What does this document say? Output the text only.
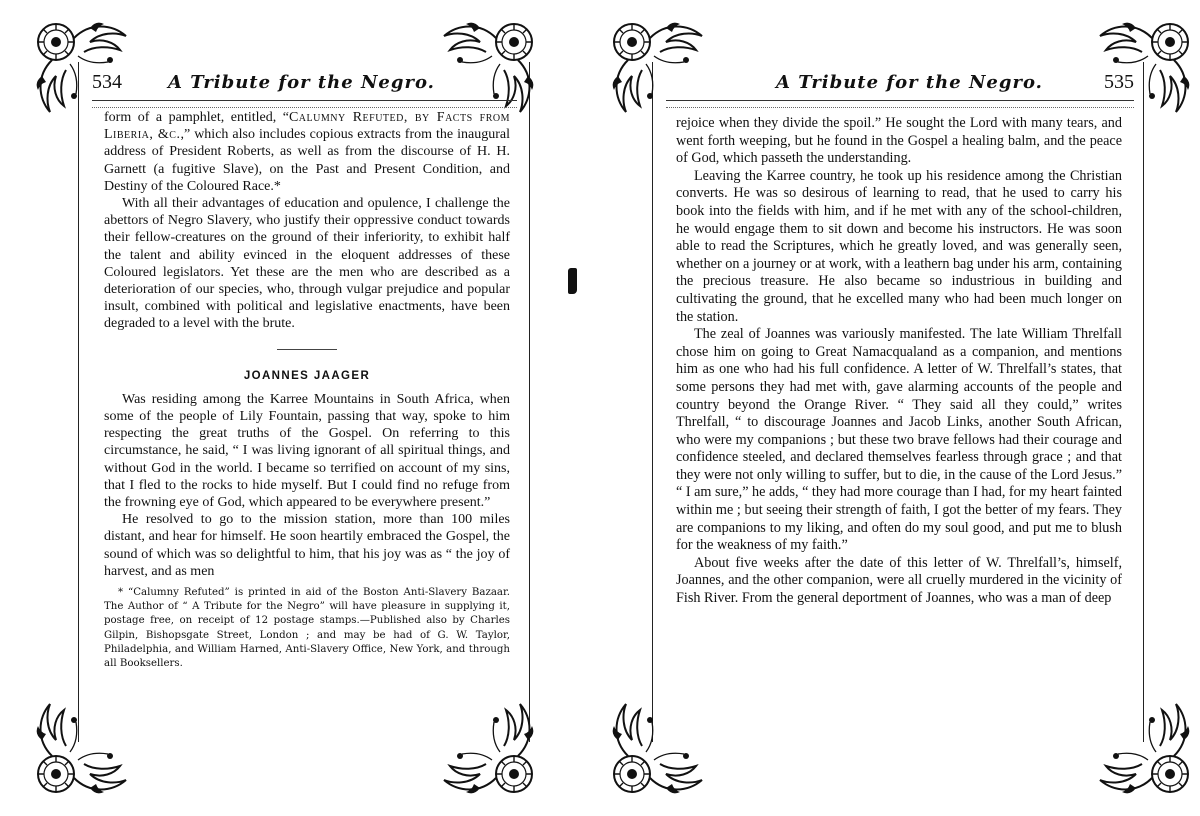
534	A Tribute for the Negro.

form of a pamphlet, entitled, “Calumny Refuted, by Facts from Liberia, &c.,” which also includes copious extracts from the inaugural address of President Roberts, as well as from the discourse of H. H. Garnett (a fugitive Slave), on the Past and Present Condition, and Destiny of the Coloured Race.*

With all their advantages of education and opulence, I challenge the abettors of Negro Slavery, who justify their oppressive conduct towards their fellow-creatures on the ground of their inferiority, to exhibit half the talent and ability evinced in the eloquent addresses of these Coloured legislators. Yet these are the men who are described as a deterioration of our species, who, through vulgar prejudice and popular insult, combined with political and legislative enactments, have been degraded to a level with the brute.

JOANNES JAAGER

Was residing among the Karree Mountains in South Africa, when some of the people of Lily Fountain, passing that way, spoke to him respecting the great truths of the Gospel. On referring to this circumstance, he said, “ I was living ignorant of all spiritual things, and without God in the world. I became so terrified on account of my sins, that I fled to the rocks to hide myself. But I could find no refuge from the frowning eye of God, which appeared to be everywhere present.”

He resolved to go to the mission station, more than 100 miles distant, and hear for himself. He soon heartily embraced the Gospel, the sound of which was so delightful to him, that his joy was as “ the joy of harvest, and as men

* “Calumny Refuted” is printed in aid of the Boston Anti-Slavery Bazaar. The Author of “ A Tribute for the Negro” will have pleasure in supplying it, postage free, on receipt of 12 postage stamps.—Published also by Charles Gilpin, Bishopsgate Street, London ; and may be had of G. W. Taylor, Philadelphia, and William Harned, Anti-Slavery Office, New York, and through all Booksellers.

A Tribute for the Negro.	535

rejoice when they divide the spoil.” He sought the Lord with many tears, and went forth weeping, but he found in the Gospel a healing balm, and the peace of God, which passeth the understanding.

Leaving the Karree country, he took up his residence among the Christian converts. He was so desirous of learning to read, that he used to carry his book into the fields with him, and if he met with any of the school-children, he would engage them to sit down and become his instructors. He was soon able to read the Scriptures, which he greatly loved, and was generally seen, whether on a journey or at work, with a leathern bag under his arm, containing the precious treasure. He also became so industrious in building and cultivating the ground, that he excelled many who had been much longer on the station.

The zeal of Joannes was variously manifested. The late William Threlfall chose him on going to Great Namacqualand as a companion, and mentions him as one who had his full confidence. A letter of W. Threlfall’s states, that some persons they had met with, gave alarming accounts of the people and country beyond the Orange River. “ They said all they could,” writes Threlfall, “ to discourage Joannes and Jacob Links, another South African, who were my companions ; but these two brave fellows had their courage and confidence steeled, and declared themselves fearless through grace ; and that they were not only willing to suffer, but to die, in the cause of the Lord Jesus.” “ I am sure,” he adds, “ they had more courage than I had, for my heart fainted within me ; but seeing their strength of faith, I got the better of my fears. They are companions to my liking, and often do my soul good, and put me to blush for the weakness of my faith.”

About five weeks after the date of this letter of W. Threlfall’s, himself, Joannes, and the other companion, were all cruelly murdered in the vicinity of Fish River. From the general deportment of Joannes, who was a man of deep
